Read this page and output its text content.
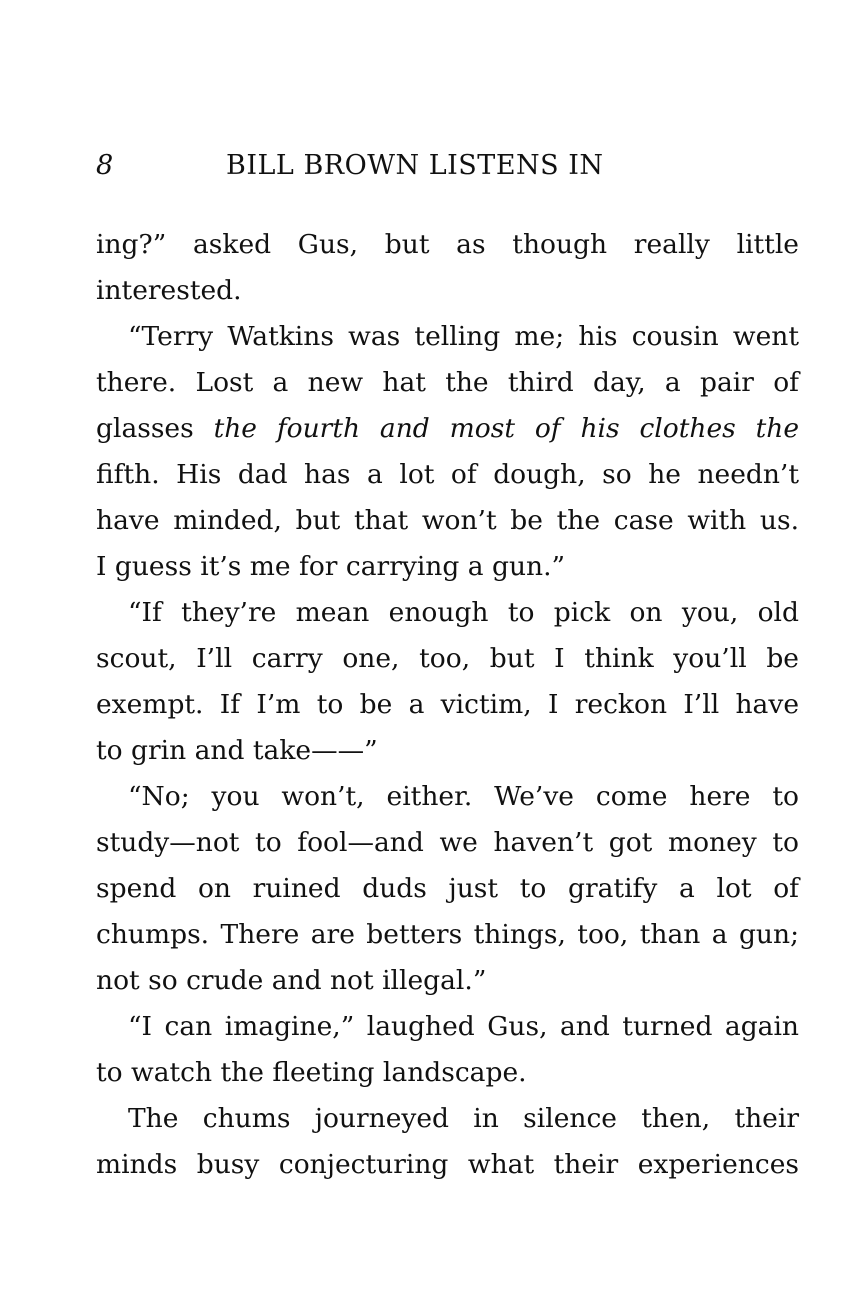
8	BILL BROWN LISTENS IN
ing?” asked Gus, but as though really little
interested.
“Terry Watkins was telling me; his cousin went
there. Lost a new hat the third day, a pair of
glasses the fourth and most of his clothes the
fifth. His dad has a lot of dough, so he needn’t
have minded, but that won’t be the case with us.
I guess it’s me for carrying a gun.”
“If they’re mean enough to pick on you, old
scout, I’ll carry one, too, but I think you’ll be
exempt. If I’m to be a victim, I reckon I’ll have
to grin and take——”
“No; you won’t, either. We’ve come here to
study—not to fool—and we haven’t got money to
spend on ruined duds just to gratify a lot of
chumps. There are betters things, too, than a gun;
not so crude and not illegal.”
“I can imagine,” laughed Gus, and turned again
to watch the fleeting landscape.
The chums journeyed in silence then, their
minds busy conjecturing what their experiences
